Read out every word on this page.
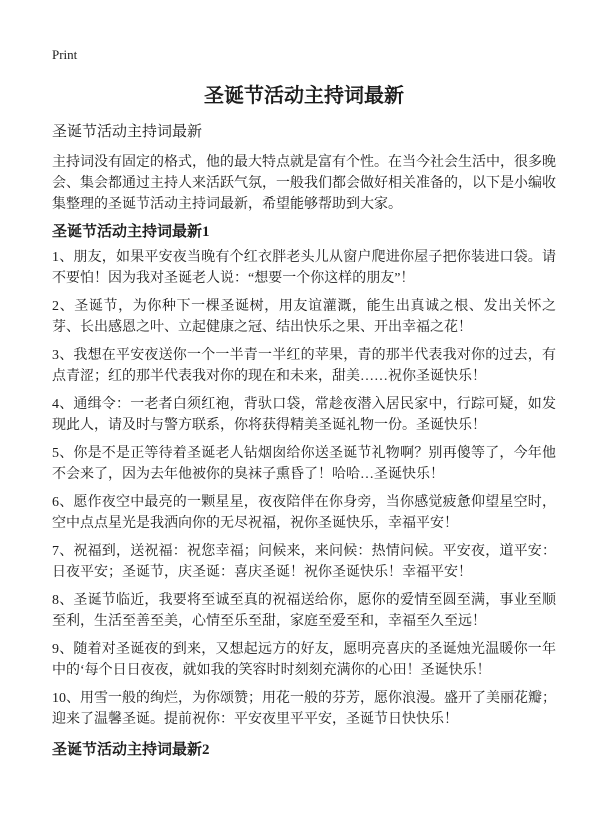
Print
圣诞节活动主持词最新
圣诞节活动主持词最新

主持词没有固定的格式，他的最大特点就是富有个性。在当今社会生活中，很多晚会、集会都通过主持人来活跃气氛，一般我们都会做好相关准备的，以下是小编收集整理的圣诞节活动主持词最新，希望能够帮助到大家。

圣诞节活动主持词最新1

1、朋友，如果平安夜当晚有个红衣胖老头儿从窗户爬进你屋子把你装进口袋。请不要怕！因为我对圣诞老人说：“想要一个你这样的朋友”！

2、圣诞节，为你种下一棵圣诞树，用友谊灌溉，能生出真诚之根、发出关怀之芽、长出感恩之叶、立起健康之冠、结出快乐之果、开出幸福之花！

3、我想在平安夜送你一个一半青一半红的苹果，青的那半代表我对你的过去，有点青涩；红的那半代表我对你的现在和未来，甜美……祝你圣诞快乐！

4、通缉令：一老者白须红袍，背驮口袋，常趁夜潜入居民家中，行踪可疑，如发现此人，请及时与警方联系，你将获得精美圣诞礼物一份。圣诞快乐！

5、你是不是正等待着圣诞老人钻烟囱给你送圣诞节礼物啊？别再傻等了，今年他不会来了，因为去年他被你的臭袜子熏昏了！哈哈…圣诞快乐！

6、愿作夜空中最亮的一颗星星，夜夜陪伴在你身旁，当你感觉疲惫仰望星空时，空中点点星光是我洒向你的无尽祝福，祝你圣诞快乐，幸福平安！

7、祝福到，送祝福：祝您幸福；问候来，来问候：热情问候。平安夜，道平安：日夜平安；圣诞节，庆圣诞：喜庆圣诞！祝你圣诞快乐！幸福平安！

8、圣诞节临近，我要将至诚至真的祝福送给你，愿你的爱情至圆至满，事业至顺至利，生活至善至美，心情至乐至甜，家庭至爱至和，幸福至久至远！

9、随着对圣诞夜的到来，又想起远方的好友，愿明亮喜庆的圣诞烛光温暖你一年中的‘每个日日夜夜，就如我的笑容时时刻刻充满你的心田！圣诞快乐！

10、用雪一般的绚烂，为你颂赞；用花一般的芬芳，愿你浪漫。盛开了美丽花瓣；迎来了温馨圣诞。提前祝你：平安夜里平平安，圣诞节日快快乐！

圣诞节活动主持词最新2
